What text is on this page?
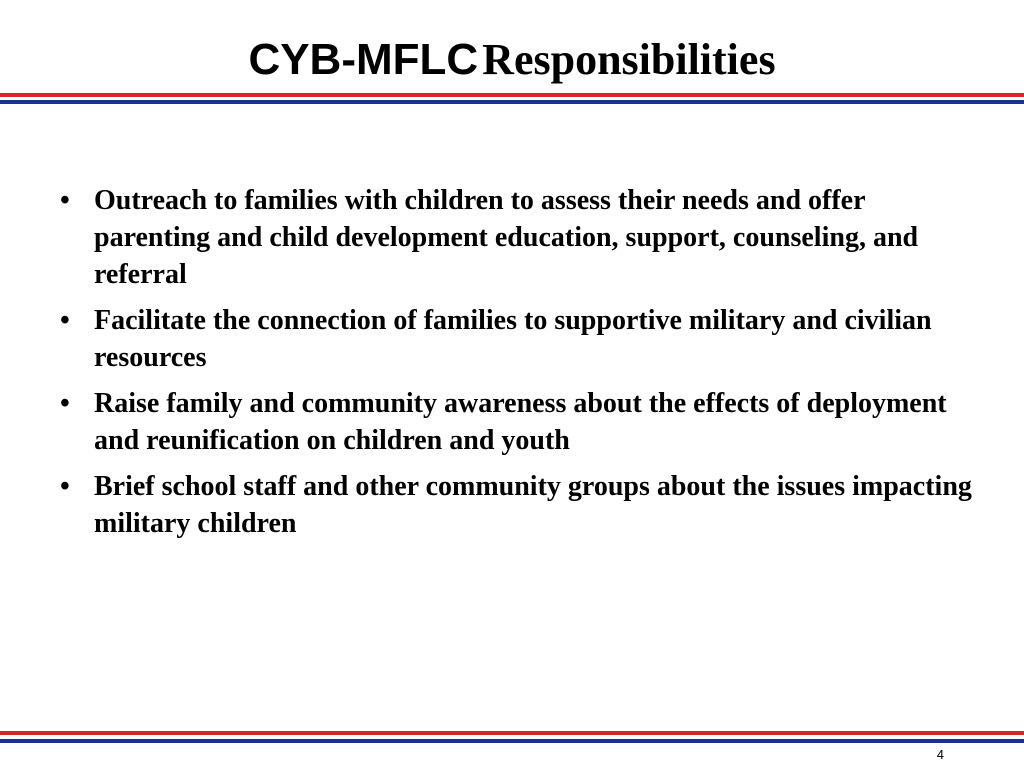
CYB-MFLC Responsibilities
• Outreach to families with children to assess their needs and offer parenting and child development education, support, counseling, and referral
• Facilitate the connection of families to supportive military and civilian resources
• Raise family and community awareness about the effects of deployment and reunification on children and youth
• Brief school staff and other community groups about the issues impacting military children
4
